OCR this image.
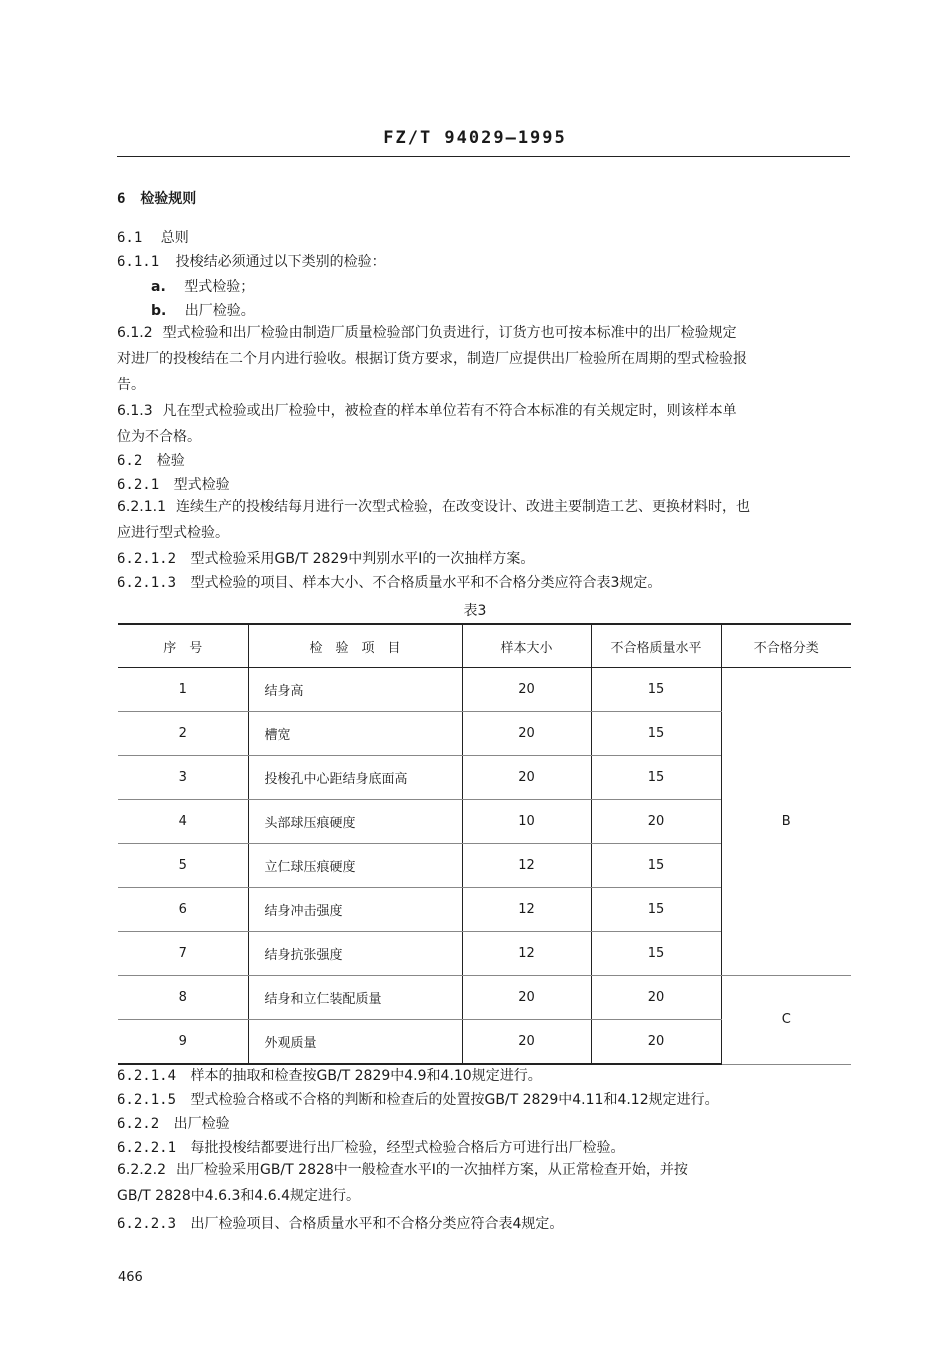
FZ/T 94029—1995
6 检验规则
6.1 总则
6.1.1 投梭结必须通过以下类别的检验：
a. 型式检验；
b. 出厂检验。
6.1.2 型式检验和出厂检验由制造厂质量检验部门负责进行，订货方也可按本标准中的出厂检验规定
对进厂的投梭结在二个月内进行验收。根据订货方要求，制造厂应提供出厂检验所在周期的型式检验报
告。
6.1.3 凡在型式检验或出厂检验中，被检查的样本单位若有不符合本标准的有关规定时，则该样本单
位为不合格。
6.2 检验
6.2.1 型式检验
6.2.1.1 连续生产的投梭结每月进行一次型式检验，在改变设计、改进主要制造工艺、更换材料时，也
应进行型式检验。
6.2.1.2 型式检验采用GB/T 2829中判别水平Ⅰ的一次抽样方案。
6.2.1.3 型式检验的项目、样本大小、不合格质量水平和不合格分类应符合表3规定。
表3
序　号	检　验　项　目	样本大小	不合格质量水平	不合格分类
1	结身高	20	15	B
2	槽宽	20	15	
3	投梭孔中心距结身底面高	20	15	
4	头部球压痕硬度	10	20	
5	立仁球压痕硬度	12	15	
6	结身冲击强度	12	15	
7	结身抗张强度	12	15	
8	结身和立仁装配质量	20	20	C
9	外观质量	20	20	
6.2.1.4 样本的抽取和检查按GB/T 2829中4.9和4.10规定进行。
6.2.1.5 型式检验合格或不合格的判断和检查后的处置按GB/T 2829中4.11和4.12规定进行。
6.2.2 出厂检验
6.2.2.1 每批投梭结都要进行出厂检验，经型式检验合格后方可进行出厂检验。
6.2.2.2 出厂检验采用GB/T 2828中一般检查水平Ⅰ的一次抽样方案，从正常检查开始，并按
GB/T 2828中4.6.3和4.6.4规定进行。
6.2.2.3 出厂检验项目、合格质量水平和不合格分类应符合表4规定。
466
